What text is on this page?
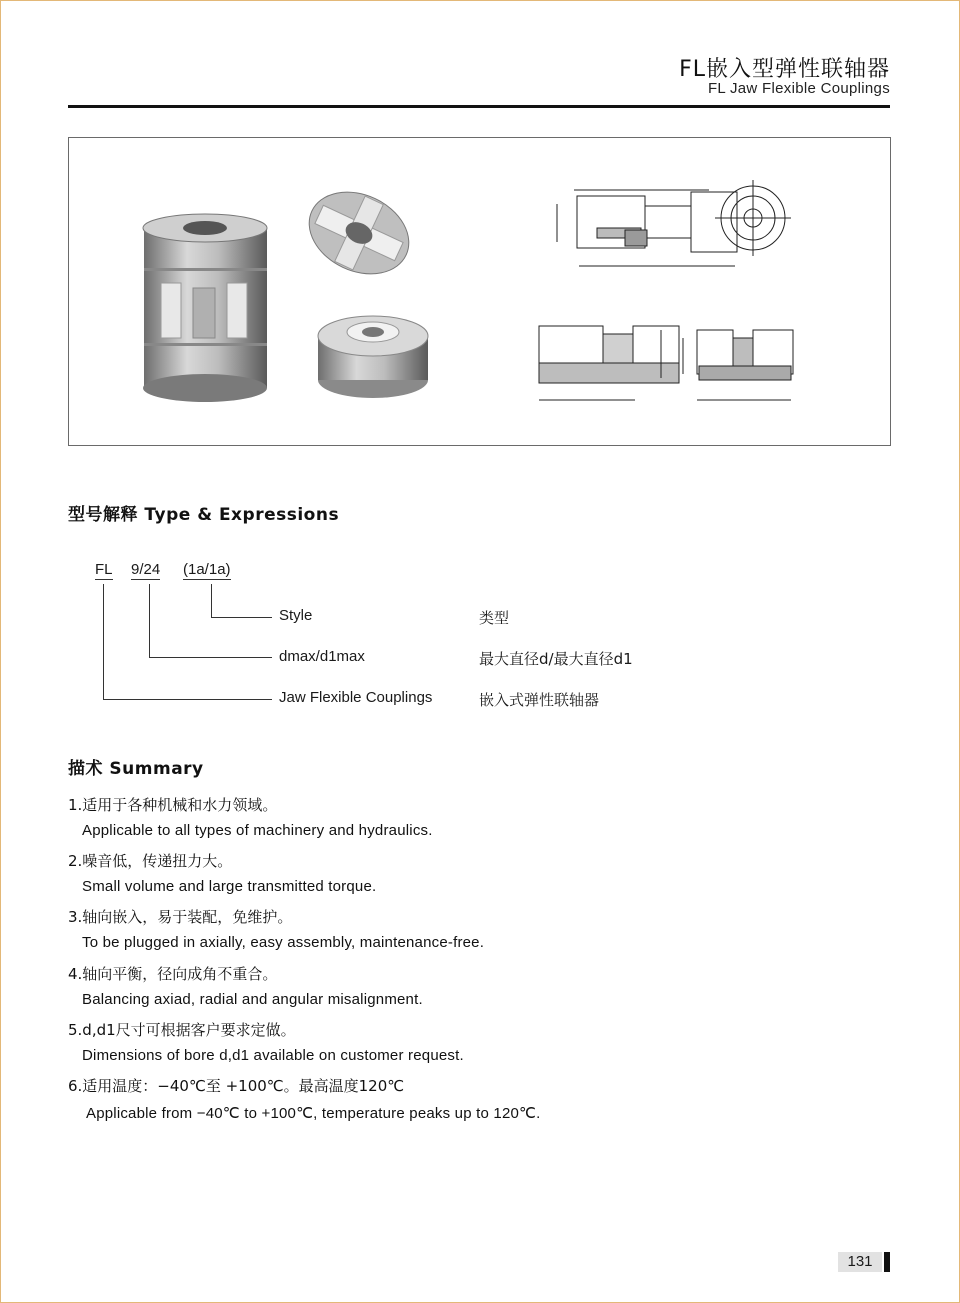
FL嵌入型弹性联轴器
FL Jaw Flexible Couplings
型号解释 Type & Expressions
FL 9/24 (1a/1a)
Style	类型
dmax/d1max	最大直径d/最大直径d1
Jaw Flexible Couplings	嵌入式弹性联轴器
描术 Summary
1.适用于各种机械和水力领域。
Applicable to all types of machinery and hydraulics.
2.噪音低，传递扭力大。
Small volume and large transmitted torque.
3.轴向嵌入，易于装配，免维护。
To be plugged in axially, easy assembly, maintenance-free.
4.轴向平衡，径向成角不重合。
Balancing axiad, radial and angular misalignment.
5.d,d1尺寸可根据客户要求定做。
Dimensions of bore d,d1 available on customer request.
6.适用温度：−40℃至 +100℃。最高温度120℃
Applicable from −40℃ to +100℃, temperature peaks up to 120℃.
131
